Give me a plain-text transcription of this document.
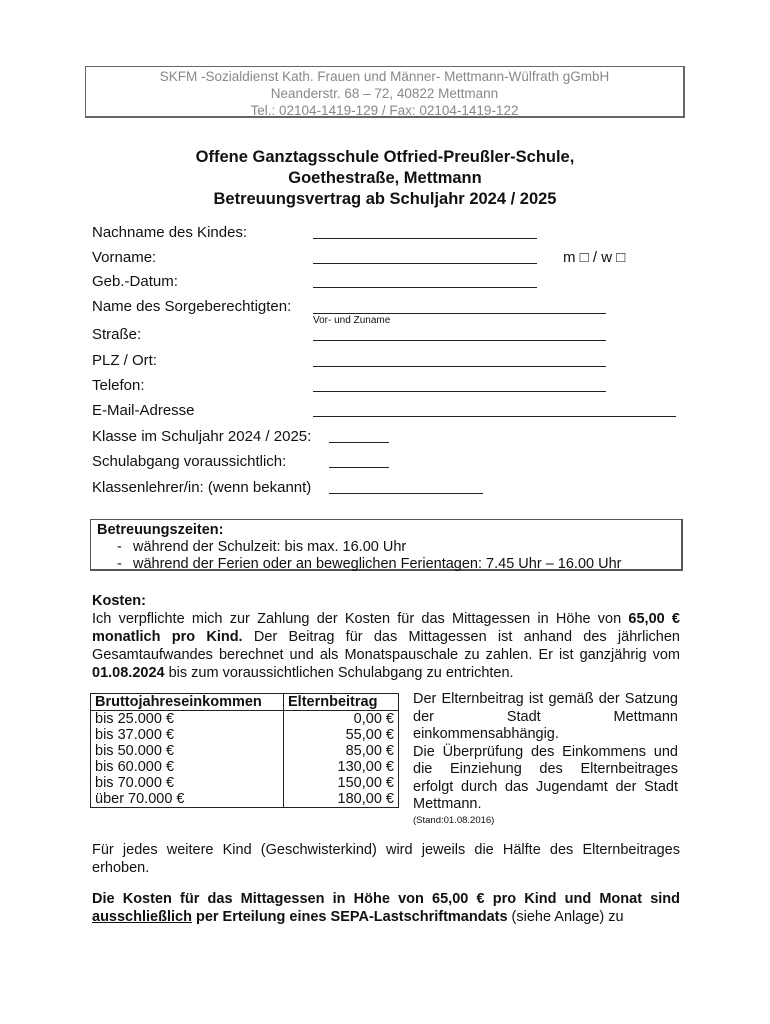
SKFM -Sozialdienst Kath. Frauen und Männer- Mettmann-Wülfrath gGmbH
Neanderstr. 68 – 72, 40822 Mettmann
Tel.: 02104-1419-129 / Fax: 02104-1419-122
Offene Ganztagsschule Otfried-Preußler-Schule,
Goethestraße, Mettmann
Betreuungsvertrag ab Schuljahr 2024 / 2025
Nachname des Kindes:
Vorname:	m □ / w □
Geb.-Datum:
Name des Sorgeberechtigten:
Vor- und Zuname
Straße:
PLZ / Ort:
Telefon:
E-Mail-Adresse
Klasse im Schuljahr 2024 / 2025:
Schulabgang voraussichtlich:
Klassenlehrer/in: (wenn bekannt)
Betreuungszeiten:
- während der Schulzeit: bis max. 16.00 Uhr
- während der Ferien oder an beweglichen Ferientagen: 7.45 Uhr – 16.00 Uhr
Kosten:
Ich verpflichte mich zur Zahlung der Kosten für das Mittagessen in Höhe von 65,00 € monatlich pro Kind. Der Beitrag für das Mittagessen ist anhand des jährlichen Gesamtaufwandes berechnet und als Monatspauschale zu zahlen. Er ist ganzjährig vom 01.08.2024 bis zum voraussichtlichen Schulabgang zu entrichten.
Bruttojahreseinkommen	Elternbeitrag
bis 25.000 €	0,00 €
bis 37.000 €	55,00 €
bis 50.000 €	85,00 €
bis 60.000 €	130,00 €
bis 70.000 €	150,00 €
über 70.000 €	180,00 €
Der Elternbeitrag ist gemäß der Satzung der Stadt Mettmann einkommensabhängig.
Die Überprüfung des Einkommens und die Einziehung des Elternbeitrages erfolgt durch das Jugendamt der Stadt Mettmann.
(Stand:01.08.2016)
Für jedes weitere Kind (Geschwisterkind) wird jeweils die Hälfte des Elternbeitrages erhoben.
Die Kosten für das Mittagessen in Höhe von 65,00 € pro Kind und Monat sind ausschließlich per Erteilung eines SEPA-Lastschriftmandats (siehe Anlage) zu
